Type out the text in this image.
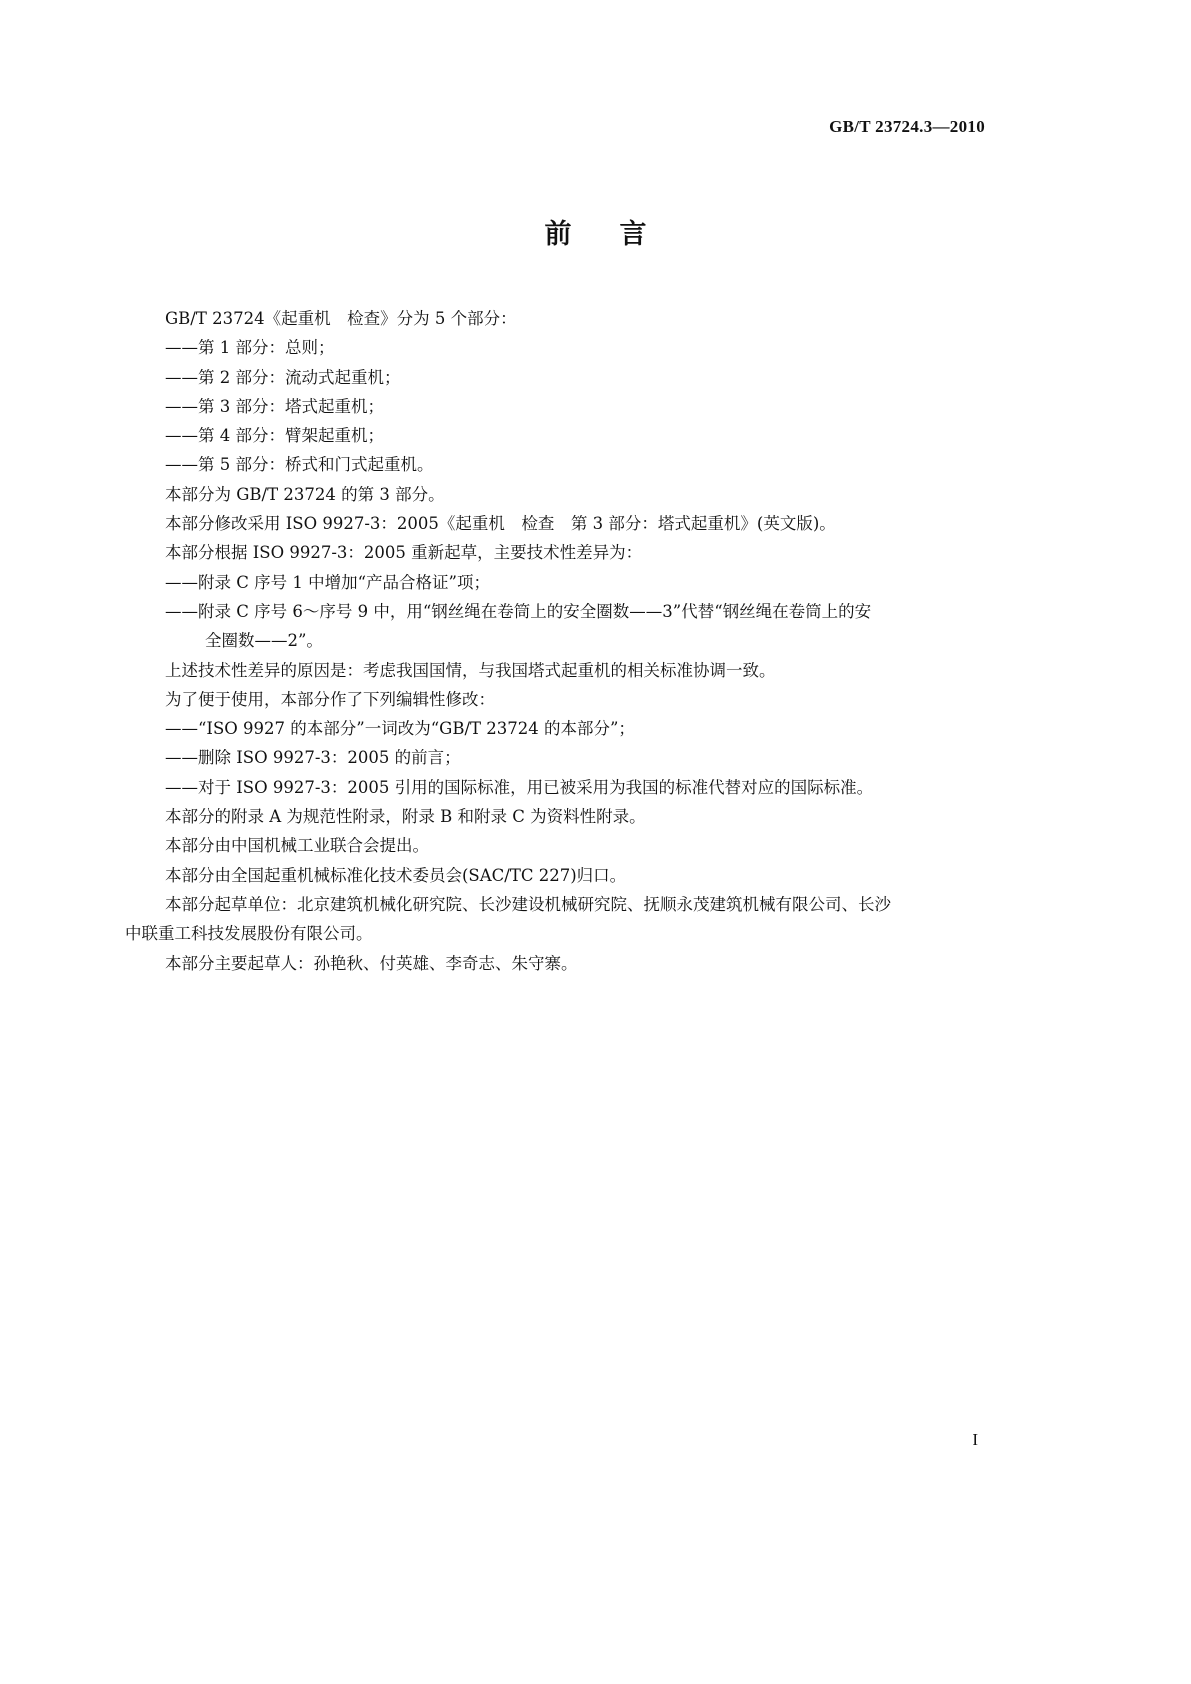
GB/T 23724.3—2010
前言
GB/T 23724《起重机　检查》分为 5 个部分：
——第 1 部分：总则；
——第 2 部分：流动式起重机；
——第 3 部分：塔式起重机；
——第 4 部分：臂架起重机；
——第 5 部分：桥式和门式起重机。
本部分为 GB/T 23724 的第 3 部分。
本部分修改采用 ISO 9927-3：2005《起重机　检查　第 3 部分：塔式起重机》(英文版)。
本部分根据 ISO 9927-3：2005 重新起草，主要技术性差异为：
——附录 C 序号 1 中增加“产品合格证”项；
——附录 C 序号 6～序号 9 中，用“钢丝绳在卷筒上的安全圈数——3”代替“钢丝绳在卷筒上的安
全圈数——2”。
上述技术性差异的原因是：考虑我国国情，与我国塔式起重机的相关标准协调一致。
为了便于使用，本部分作了下列编辑性修改：
——“ISO 9927 的本部分”一词改为“GB/T 23724 的本部分”；
——删除 ISO 9927-3：2005 的前言；
——对于 ISO 9927-3：2005 引用的国际标准，用已被采用为我国的标准代替对应的国际标准。
本部分的附录 A 为规范性附录，附录 B 和附录 C 为资料性附录。
本部分由中国机械工业联合会提出。
本部分由全国起重机械标准化技术委员会(SAC/TC 227)归口。
本部分起草单位：北京建筑机械化研究院、长沙建设机械研究院、抚顺永茂建筑机械有限公司、长沙
中联重工科技发展股份有限公司。
本部分主要起草人：孙艳秋、付英雄、李奇志、朱守寨。
I
